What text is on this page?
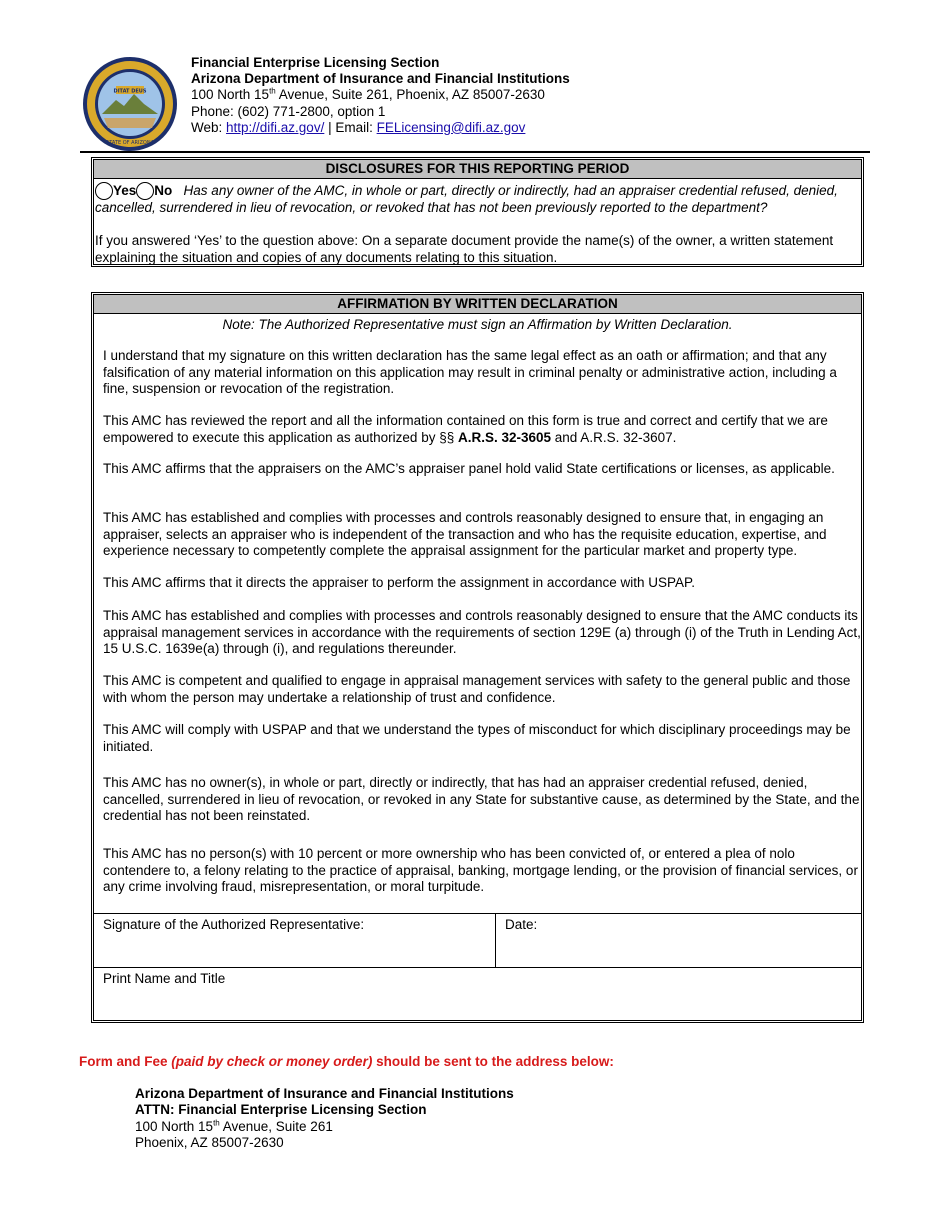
DITAT DEUS
STATE OF ARIZONA
Financial Enterprise Licensing Section
Arizona Department of Insurance and Financial Institutions
100 North 15th Avenue, Suite 261, Phoenix, AZ 85007-2630
Phone: (602) 771-2800, option 1
Web: http://difi.az.gov/ | Email: FELicensing@difi.az.gov
DISCLOSURES FOR THIS REPORTING PERIOD
Yes No Has any owner of the AMC, in whole or part, directly or indirectly, had an appraiser credential refused, denied, cancelled, surrendered in lieu of revocation, or revoked that has not been previously reported to the department?
If you answered ‘Yes’ to the question above: On a separate document provide the name(s) of the owner, a written statement explaining the situation and copies of any documents relating to this situation.
AFFIRMATION BY WRITTEN DECLARATION
Note: The Authorized Representative must sign an Affirmation by Written Declaration.
I understand that my signature on this written declaration has the same legal effect as an oath or affirmation; and that any falsification of any material information on this application may result in criminal penalty or administrative action, including a fine, suspension or revocation of the registration.
This AMC has reviewed the report and all the information contained on this form is true and correct and certify that we are empowered to execute this application as authorized by §§ A.R.S. 32-3605 and A.R.S. 32-3607.
This AMC affirms that the appraisers on the AMC’s appraiser panel hold valid State certifications or licenses, as applicable.
This AMC has established and complies with processes and controls reasonably designed to ensure that, in engaging an appraiser, selects an appraiser who is independent of the transaction and who has the requisite education, expertise, and experience necessary to competently complete the appraisal assignment for the particular market and property type.
This AMC affirms that it directs the appraiser to perform the assignment in accordance with USPAP.
This AMC has established and complies with processes and controls reasonably designed to ensure that the AMC conducts its appraisal management services in accordance with the requirements of section 129E (a) through (i) of the Truth in Lending Act, 15 U.S.C. 1639e(a) through (i), and regulations thereunder.
This AMC is competent and qualified to engage in appraisal management services with safety to the general public and those with whom the person may undertake a relationship of trust and confidence.
This AMC will comply with USPAP and that we understand the types of misconduct for which disciplinary proceedings may be initiated.
This AMC has no owner(s), in whole or part, directly or indirectly, that has had an appraiser credential refused, denied, cancelled, surrendered in lieu of revocation, or revoked in any State for substantive cause, as determined by the State, and the credential has not been reinstated.
This AMC has no person(s) with 10 percent or more ownership who has been convicted of, or entered a plea of nolo contendere to, a felony relating to the practice of appraisal, banking, mortgage lending, or the provision of financial services, or any crime involving fraud, misrepresentation, or moral turpitude.
Signature of the Authorized Representative:	Date:
Print Name and Title
Form and Fee (paid by check or money order) should be sent to the address below:
Arizona Department of Insurance and Financial Institutions
ATTN: Financial Enterprise Licensing Section
100 North 15th Avenue, Suite 261
Phoenix, AZ 85007-2630
